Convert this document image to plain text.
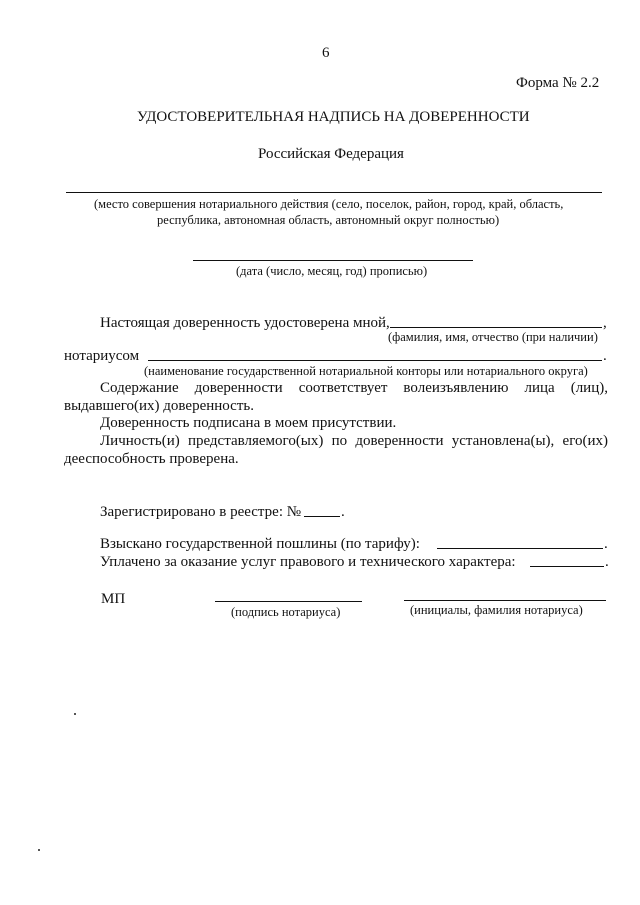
6
Форма № 2.2
УДОСТОВЕРИТЕЛЬНАЯ НАДПИСЬ НА ДОВЕРЕННОСТИ
Российская Федерация
(место совершения нотариального действия (село, поселок, район, город, край, область,
республика, автономная область, автономный округ полностью)
(дата (число, месяц, год) прописью)
Настоящая доверенность удостоверена мной,	,
(фамилия, имя, отчество (при наличии)
нотариусом	.
(наименование государственной нотариальной конторы или нотариального округа)
Содержание доверенности соответствует волеизъявлению лица (лиц),
выдавшего(их) доверенность.
Доверенность подписана в моем присутствии.
Личность(и) представляемого(ых) по доверенности установлена(ы), его(их)
дееспособность проверена.
Зарегистрировано в реестре: №	.
Взыскано государственной пошлины (по тарифу):	.
Уплачено за оказание услуг правового и технического характера:	.
МП
(подпись нотариуса)	(инициалы, фамилия нотариуса)
